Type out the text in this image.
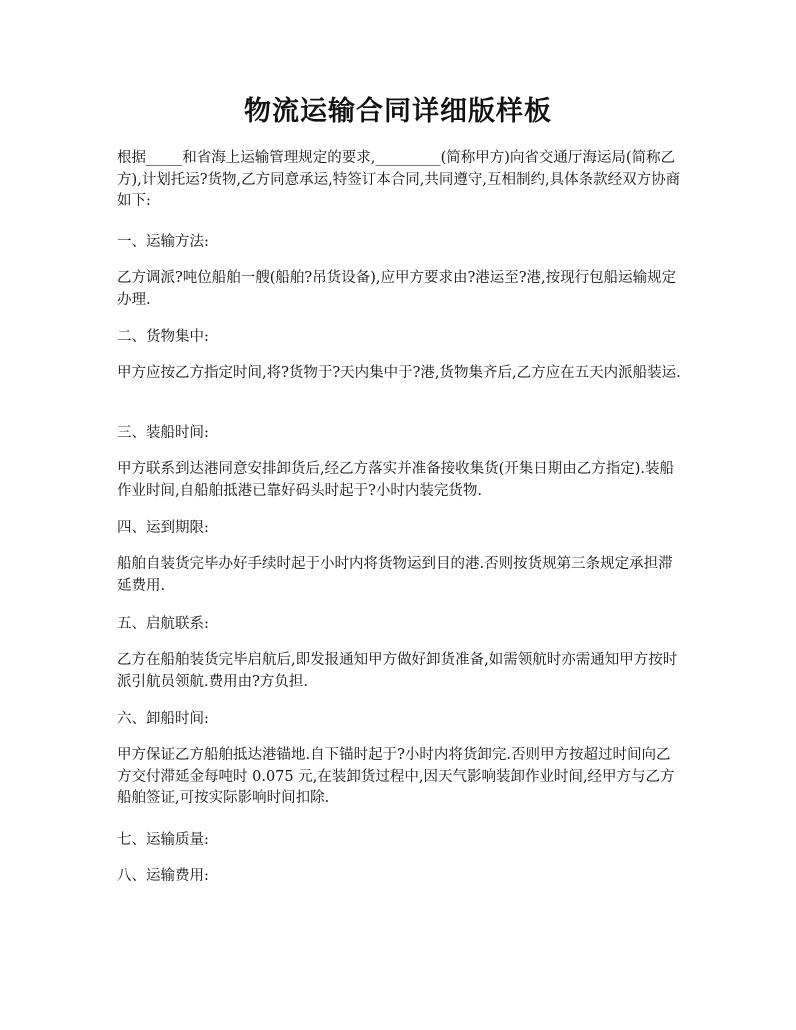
物流运输合同详细版样板

根据_____和省海上运输管理规定的要求,_________(简称甲方)向省交通厅海运局(简称乙方),计划托运?货物,乙方同意承运,特签订本合同,共同遵守,互相制约,具体条款经双方协商如下:

一、运输方法:

乙方调派?吨位船舶一艘(船舶?吊货设备),应甲方要求由?港运至?港,按现行包船运输规定办理.

二、货物集中:

甲方应按乙方指定时间,将?货物于?天内集中于?港,货物集齐后,乙方应在五天内派船装运.

三、装船时间:

甲方联系到达港同意安排卸货后,经乙方落实并准备接收集货(开集日期由乙方指定).装船作业时间,自船舶抵港已靠好码头时起于?小时内装完货物.

四、运到期限:

船舶自装货完毕办好手续时起于小时内将货物运到目的港.否则按货规第三条规定承担滞延费用.

五、启航联系:

乙方在船舶装货完毕启航后,即发报通知甲方做好卸货准备,如需领航时亦需通知甲方按时派引航员领航.费用由?方负担.

六、卸船时间:

甲方保证乙方船舶抵达港锚地.自下锚时起于?小时内将货卸完.否则甲方按超过时间向乙方交付滞延金每吨时 0.075 元,在装卸货过程中,因天气影响装卸作业时间,经甲方与乙方船舶签证,可按实际影响时间扣除.

七、运输质量:

八、运输费用:
